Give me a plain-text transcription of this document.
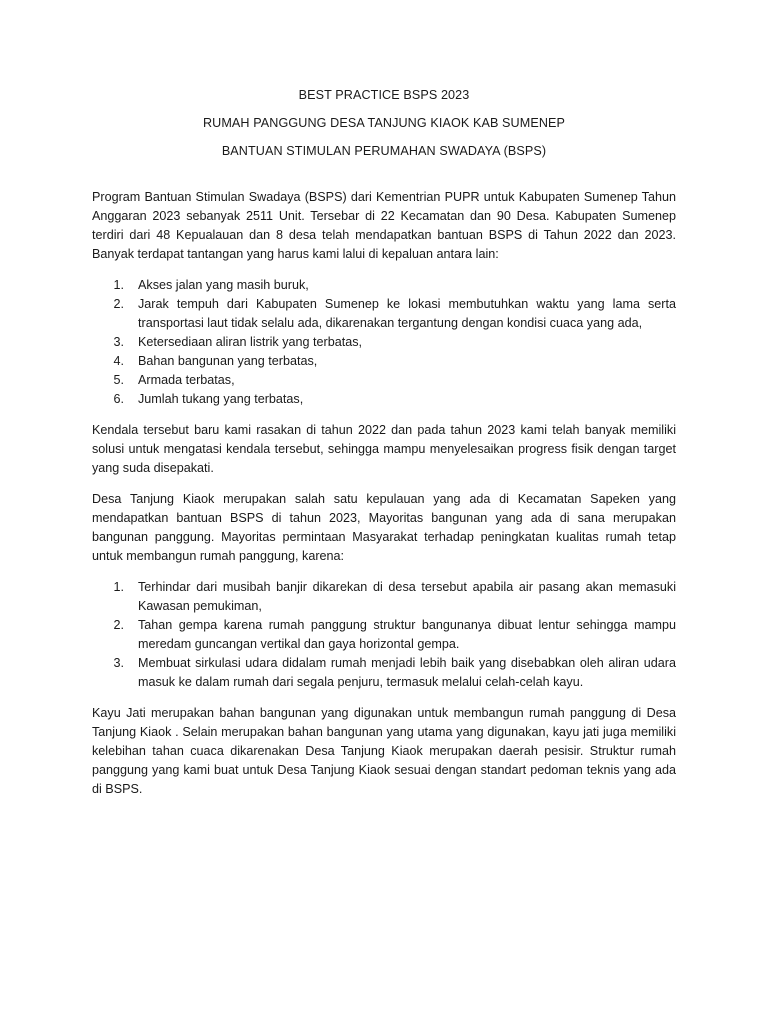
BEST PRACTICE BSPS 2023

RUMAH PANGGUNG DESA TANJUNG KIAOK KAB SUMENEP

BANTUAN STIMULAN PERUMAHAN SWADAYA (BSPS)

Program Bantuan Stimulan Swadaya (BSPS) dari Kementrian PUPR untuk Kabupaten Sumenep Tahun Anggaran 2023 sebanyak 2511 Unit. Tersebar di 22 Kecamatan dan 90 Desa. Kabupaten Sumenep terdiri dari 48 Kepualauan dan 8 desa telah mendapatkan bantuan BSPS di Tahun 2022 dan 2023. Banyak terdapat tantangan yang harus kami lalui di kepaluan antara lain:

1.	Akses jalan yang masih buruk,
2.	Jarak tempuh dari Kabupaten Sumenep ke lokasi membutuhkan waktu yang lama serta transportasi laut tidak selalu ada, dikarenakan tergantung dengan kondisi cuaca yang ada,
3.	Ketersediaan aliran listrik yang terbatas,
4.	Bahan bangunan yang terbatas,
5.	Armada terbatas,
6.	Jumlah tukang yang terbatas,

Kendala tersebut baru kami rasakan di tahun 2022 dan pada tahun 2023 kami telah banyak memiliki solusi untuk mengatasi kendala tersebut, sehingga mampu menyelesaikan progress fisik dengan target yang suda disepakati.

Desa Tanjung Kiaok merupakan salah satu kepulauan yang ada di Kecamatan Sapeken yang mendapatkan bantuan BSPS di tahun 2023, Mayoritas bangunan yang ada di sana merupakan bangunan panggung. Mayoritas permintaan Masyarakat terhadap peningkatan kualitas rumah tetap untuk membangun rumah panggung, karena:

1.	Terhindar dari musibah banjir dikarekan di desa tersebut apabila air pasang akan memasuki Kawasan pemukiman,
2.	Tahan gempa karena rumah panggung struktur bangunanya dibuat lentur sehingga mampu meredam guncangan vertikal dan gaya horizontal gempa.
3.	Membuat sirkulasi udara didalam rumah menjadi lebih baik yang disebabkan oleh aliran udara masuk ke dalam rumah dari segala penjuru, termasuk melalui celah-celah kayu.

Kayu Jati merupakan bahan bangunan yang digunakan untuk membangun rumah panggung di Desa Tanjung Kiaok . Selain merupakan bahan bangunan yang utama yang digunakan, kayu jati juga memiliki kelebihan tahan cuaca dikarenakan Desa Tanjung Kiaok merupakan daerah pesisir. Struktur rumah panggung yang kami buat untuk Desa Tanjung Kiaok sesuai dengan standart pedoman teknis yang ada di BSPS.
